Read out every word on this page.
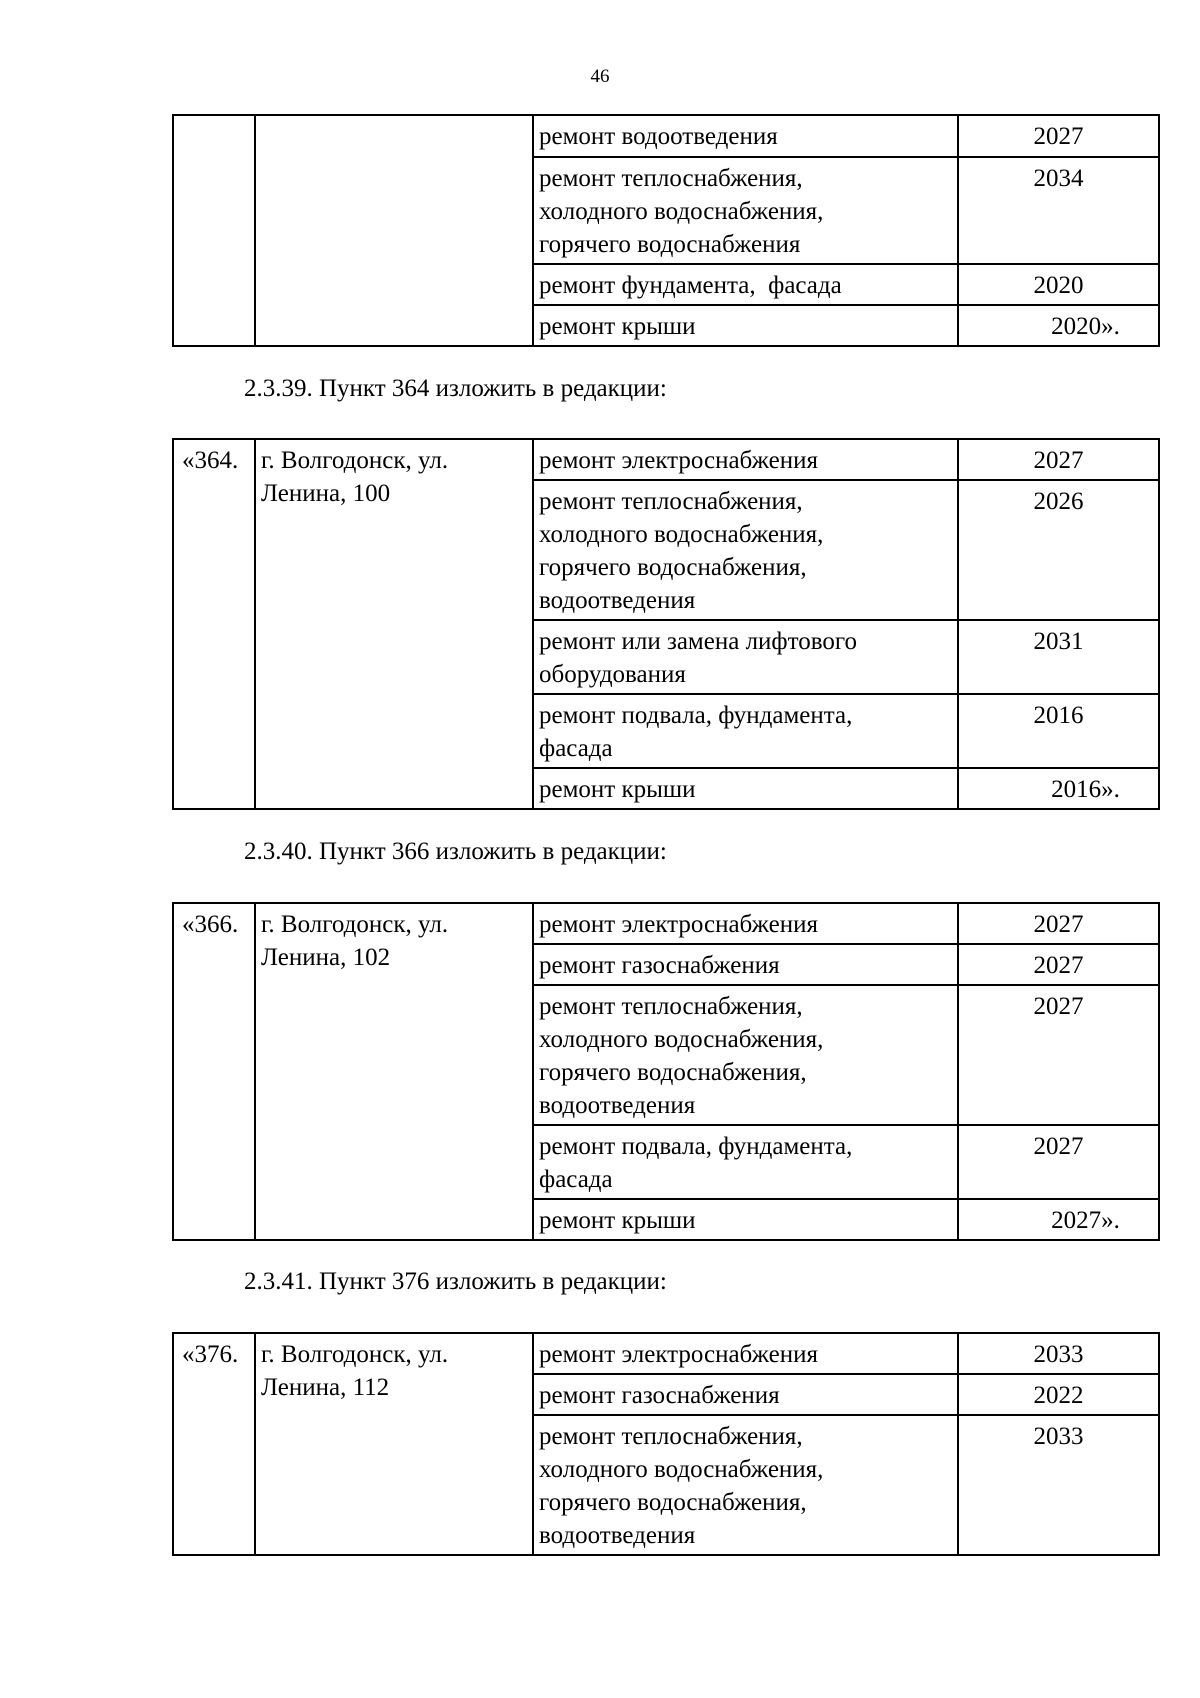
46
		ремонт водоотведения	2027

		ремонт теплоснабжения, холодного водоснабжения, горячего водоснабжения	2034
		ремонт фундамента,  фасада	2020
		ремонт крыши	2020».
2.3.39. Пункт 364 изложить в редакции:
«364.	г. Волгодонск, ул. Ленина, 100	ремонт электроснабжения	2027

		ремонт теплоснабжения, холодного водоснабжения, горячего водоснабжения, водоотведения	2026

		ремонт или замена лифтового оборудования	2031

		ремонт подвала, фундамента, фасада	2016
		ремонт крыши	2016».
2.3.40. Пункт 366 изложить в редакции:
«366.	г. Волгодонск, ул. Ленина, 102	ремонт электроснабжения	2027
		ремонт газоснабжения	2027

		ремонт теплоснабжения, холодного водоснабжения, горячего водоснабжения, водоотведения	2027

		ремонт подвала, фундамента, фасада	2027
		ремонт крыши	2027».
2.3.41. Пункт 376 изложить в редакции:
«376.	г. Волгодонск, ул. Ленина, 112	ремонт электроснабжения	2033
		ремонт газоснабжения	2022

		ремонт теплоснабжения, холодного водоснабжения, горячего водоснабжения, водоотведения	2033
